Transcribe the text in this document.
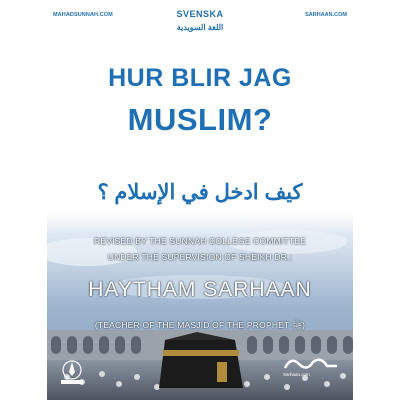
MAHADSUNNAH.COM	SVENSKA
اللغة السويدية
SARHAAN.COM
HUR BLIR JAG
MUSLIM?
كيف ادخل في الإسلام ؟
Sarhaan.com
REVISED BY THE SUNNAH COLLEGE COMMITTEE
UNDER THE SUPERVISION OF SHEIKH DR.:
HAYTHAM SARHAAN
(TEACHER OF THE MASJID OF THE PROPHET ﷺ)
